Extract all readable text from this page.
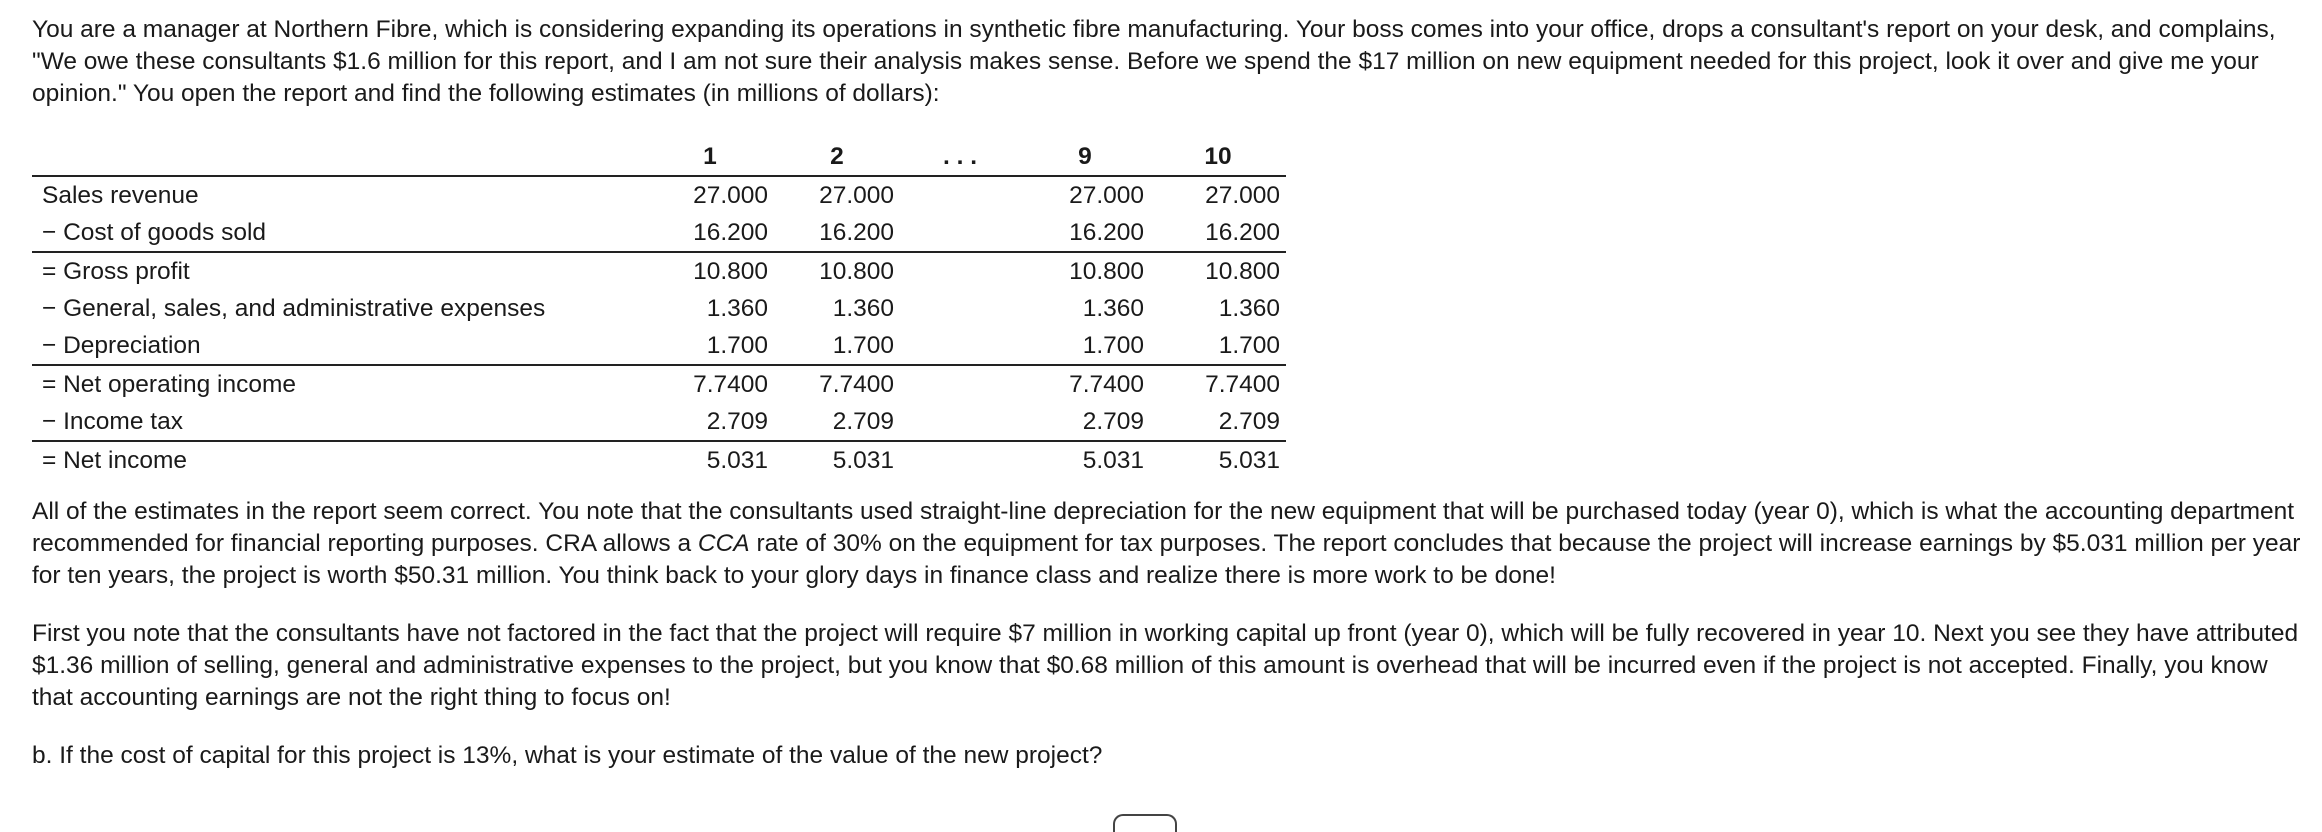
You are a manager at Northern Fibre, which is considering expanding its operations in synthetic fibre manufacturing. Your boss comes into your office, drops a consultant's report on your desk, and complains, "We owe these consultants $1.6 million for this report, and I am not sure their analysis makes sense. Before we spend the $17 million on new equipment needed for this project, look it over and give me your opinion." You open the report and find the following estimates (in millions of dollars):

	1	2	. . .	9	10
Sales revenue	27.000	27.000		27.000	27.000
− Cost of goods sold	16.200	16.200		16.200	16.200
= Gross profit	10.800	10.800		10.800	10.800
− General, sales, and administrative expenses	1.360	1.360		1.360	1.360
− Depreciation	1.700	1.700		1.700	1.700
= Net operating income	7.7400	7.7400		7.7400	7.7400
− Income tax	2.709	2.709		2.709	2.709
= Net income	5.031	5.031		5.031	5.031

All of the estimates in the report seem correct. You note that the consultants used straight-line depreciation for the new equipment that will be purchased today (year 0), which is what the accounting department recommended for financial reporting purposes. CRA allows a CCA rate of 30% on the equipment for tax purposes. The report concludes that because the project will increase earnings by $5.031 million per year for ten years, the project is worth $50.31 million. You think back to your glory days in finance class and realize there is more work to be done!

First you note that the consultants have not factored in the fact that the project will require $7 million in working capital up front (year 0), which will be fully recovered in year 10. Next you see they have attributed $1.36 million of selling, general and administrative expenses to the project, but you know that $0.68 million of this amount is overhead that will be incurred even if the project is not accepted. Finally, you know that accounting earnings are not the right thing to focus on!

b. If the cost of capital for this project is 13%, what is your estimate of the value of the new project?
